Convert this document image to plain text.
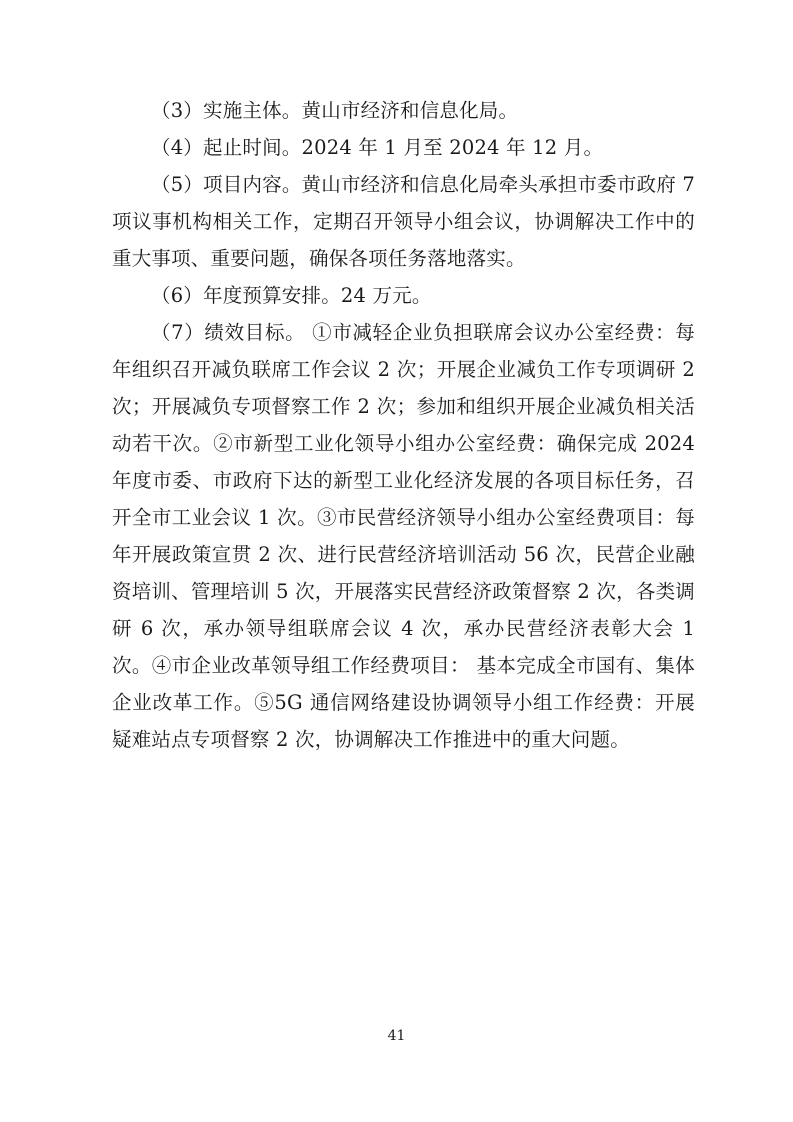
（3）实施主体。黄山市经济和信息化局。

（4）起止时间。2024 年 1 月至 2024 年 12 月。

（5）项目内容。黄山市经济和信息化局牵头承担市委市政府 7 项议事机构相关工作，定期召开领导小组会议，协调解决工作中的重大事项、重要问题，确保各项任务落地落实。

（6）年度预算安排。24 万元。

（7）绩效目标。 ①市减轻企业负担联席会议办公室经费：每年组织召开减负联席工作会议 2 次；开展企业减负工作专项调研 2 次；开展减负专项督察工作 2 次；参加和组织开展企业减负相关活动若干次。②市新型工业化领导小组办公室经费：确保完成 2024 年度市委、市政府下达的新型工业化经济发展的各项目标任务，召开全市工业会议 1 次。③市民营经济领导小组办公室经费项目：每年开展政策宣贯 2 次、进行民营经济培训活动 56 次，民营企业融资培训、管理培训 5 次，开展落实民营经济政策督察 2 次，各类调研 6 次，承办领导组联席会议 4 次，承办民营经济表彰大会 1 次。④市企业改革领导组工作经费项目： 基本完成全市国有、集体企业改革工作。⑤5G 通信网络建设协调领导小组工作经费：开展疑难站点专项督察 2 次，协调解决工作推进中的重大问题。

41
